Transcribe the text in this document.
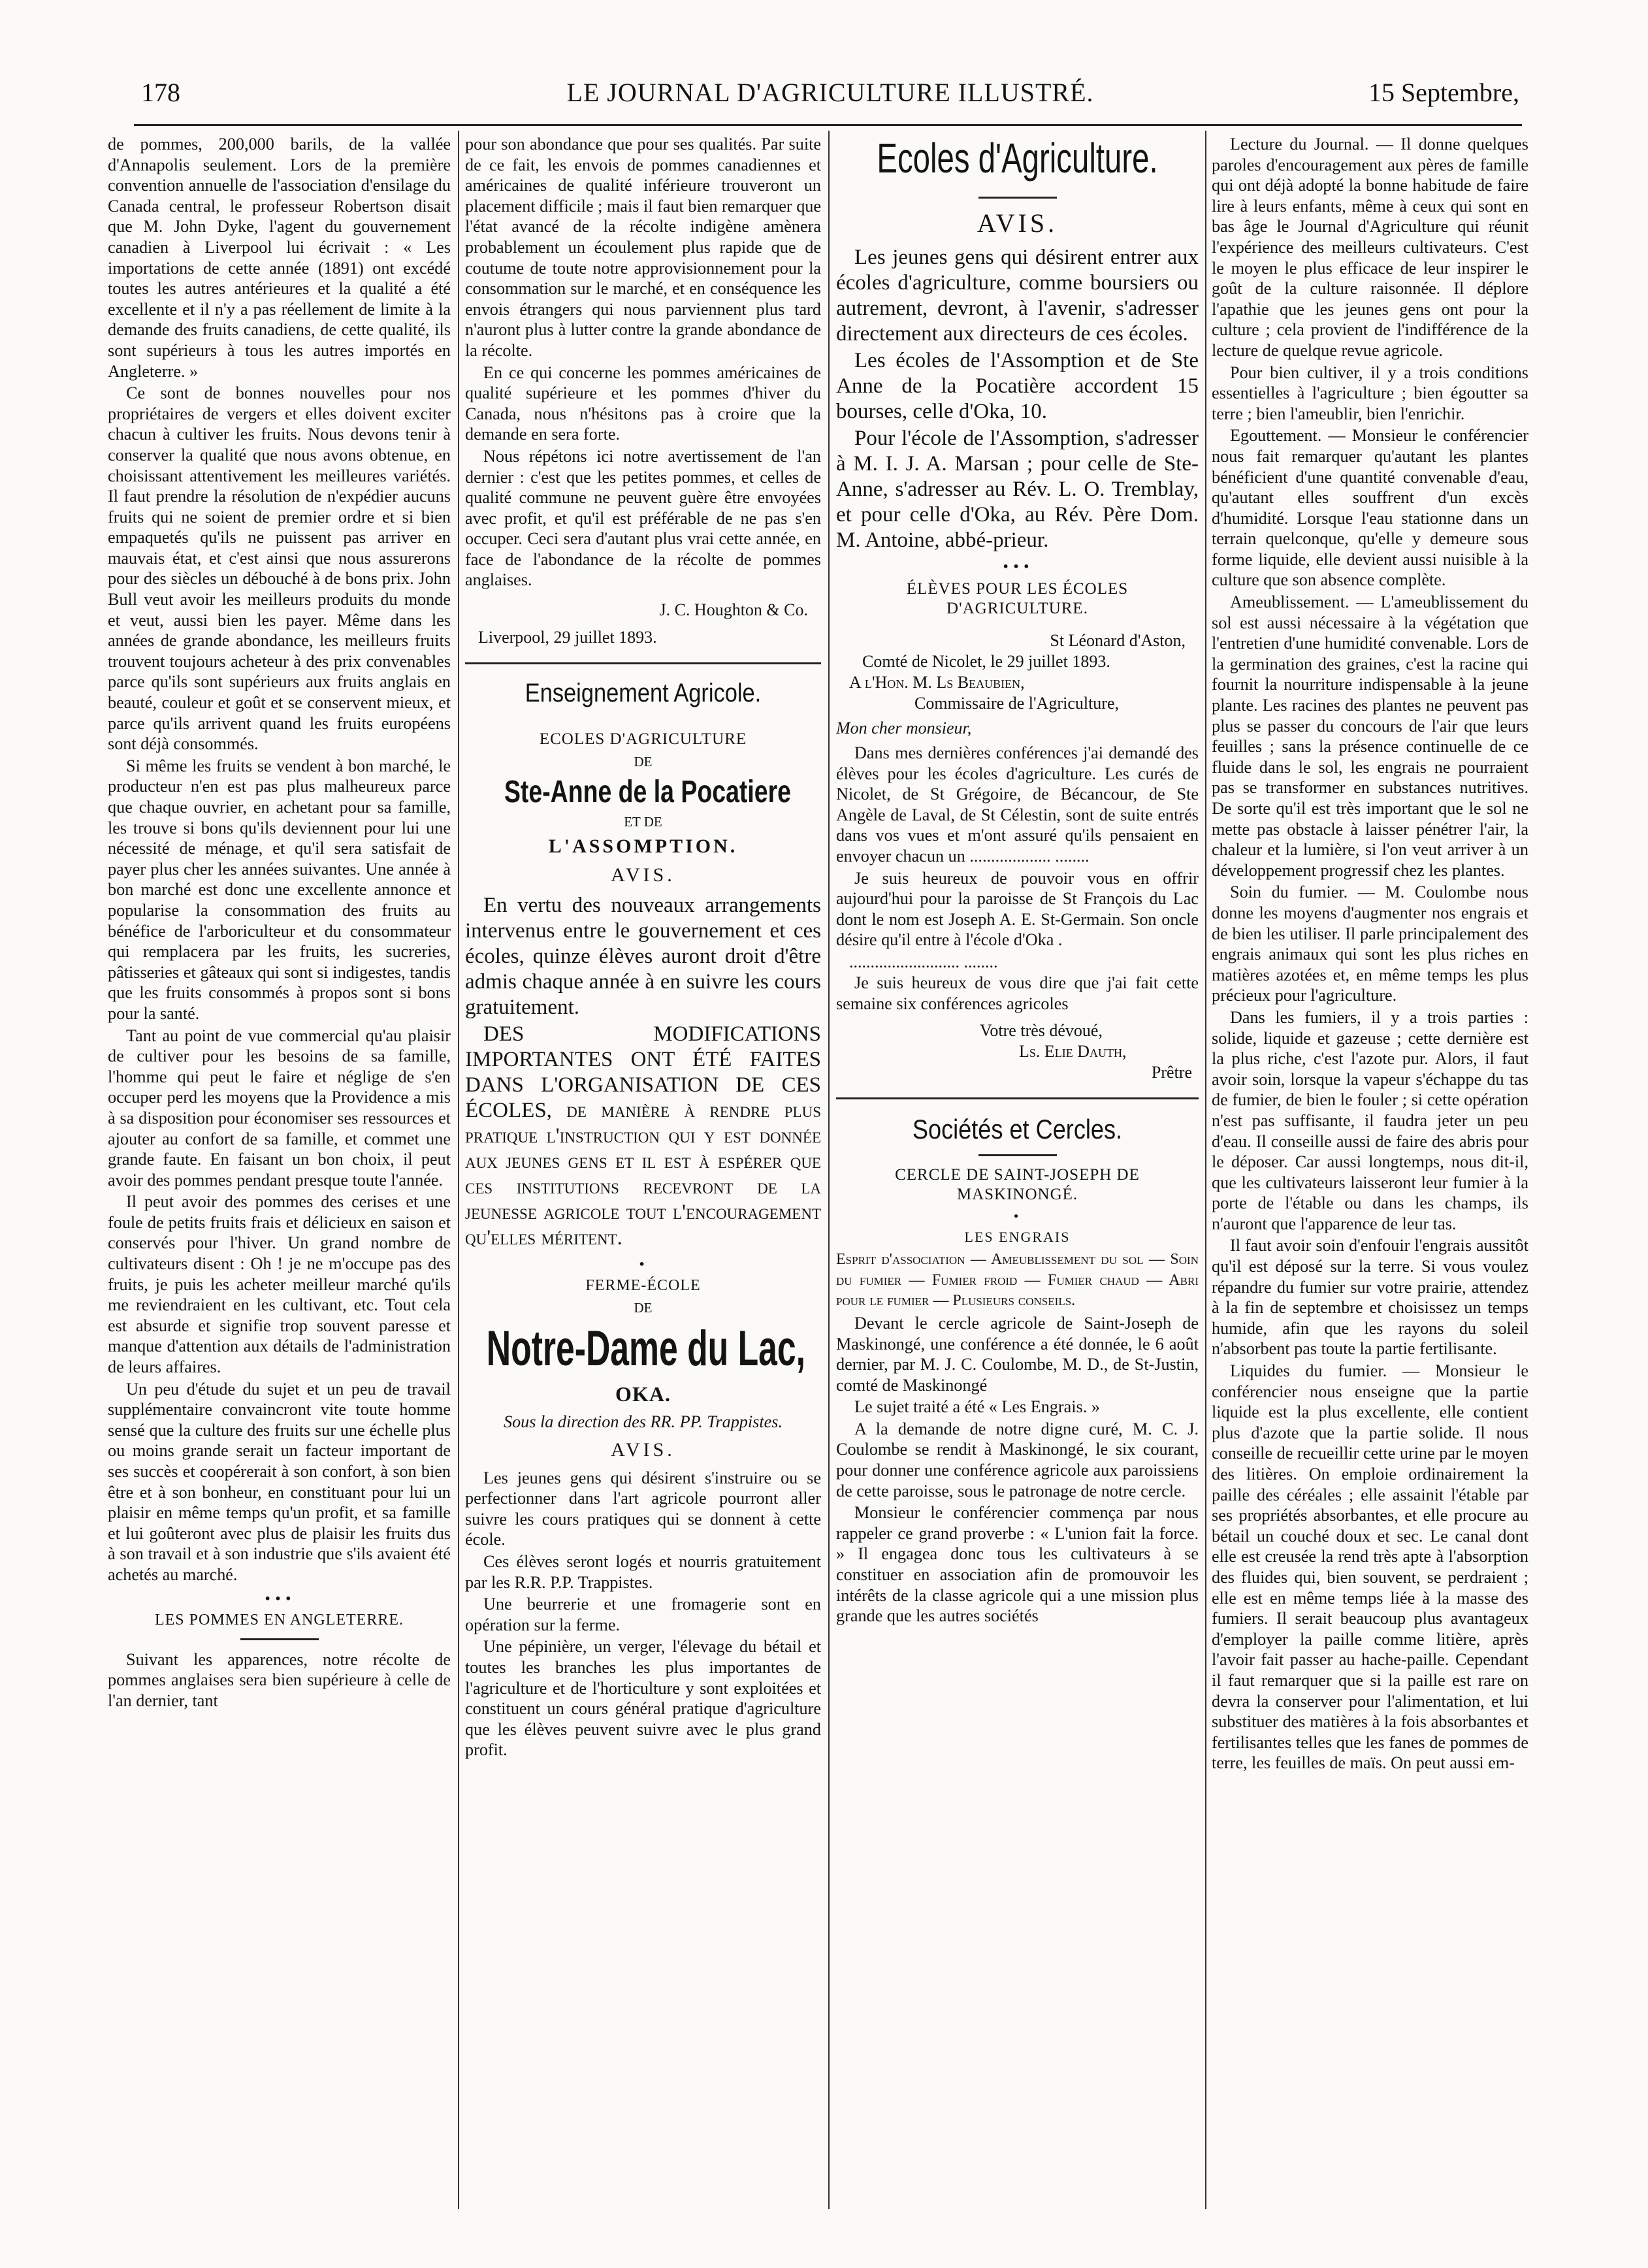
178	LE JOURNAL D'AGRICULTURE ILLUSTRÉ.	15 Septembre,

de pommes, 200,000 barils, de la vallée d'Annapolis seulement. Lors de la première convention annuelle de l'association d'ensilage du Canada central, le professeur Robertson disait que M. John Dyke, l'agent du gouvernement canadien à Liverpool lui écrivait : « Les importations de cette année (1891) ont excédé toutes les autres antérieures et la qualité a été excellente et il n'y a pas réellement de limite à la demande des fruits canadiens, de cette qualité, ils sont supérieurs à tous les autres importés en Angleterre. »

Ce sont de bonnes nouvelles pour nos propriétaires de vergers et elles doivent exciter chacun à cultiver les fruits. Nous devons tenir à conserver la qualité que nous avons obtenue, en choisissant attentivement les meilleures variétés. Il faut prendre la résolution de n'expédier aucuns fruits qui ne soient de premier ordre et si bien empaquetés qu'ils ne puissent pas arriver en mauvais état, et c'est ainsi que nous assurerons pour des siècles un débouché à de bons prix. John Bull veut avoir les meilleurs produits du monde et veut, aussi bien les payer. Même dans les années de grande abondance, les meilleurs fruits trouvent toujours acheteur à des prix convenables parce qu'ils sont supérieurs aux fruits anglais en beauté, couleur et goût et se conservent mieux, et parce qu'ils arrivent quand les fruits européens sont déjà consommés.

Si même les fruits se vendent à bon marché, le producteur n'en est pas plus malheureux parce que chaque ouvrier, en achetant pour sa famille, les trouve si bons qu'ils deviennent pour lui une nécessité de ménage, et qu'il sera satisfait de payer plus cher les années suivantes. Une année à bon marché est donc une excellente annonce et popularise la consommation des fruits au bénéfice de l'arboriculteur et du consommateur qui remplacera par les fruits, les sucreries, pâtisseries et gâteaux qui sont si indigestes, tandis que les fruits consommés à propos sont si bons pour la santé.

Tant au point de vue commercial qu'au plaisir de cultiver pour les besoins de sa famille, l'homme qui peut le faire et néglige de s'en occuper perd les moyens que la Providence a mis à sa disposition pour économiser ses ressources et ajouter au confort de sa famille, et commet une grande faute. En faisant un bon choix, il peut avoir des pommes pendant presque toute l'année.

Il peut avoir des pommes des cerises et une foule de petits fruits frais et délicieux en saison et conservés pour l'hiver. Un grand nombre de cultivateurs disent : Oh ! je ne m'occupe pas des fruits, je puis les acheter meilleur marché qu'ils me reviendraient en les cultivant, etc. Tout cela est absurde et signifie trop souvent paresse et manque d'attention aux détails de l'administration de leurs affaires.

Un peu d'étude du sujet et un peu de travail supplémentaire convaincront vite toute homme sensé que la culture des fruits sur une échelle plus ou moins grande serait un facteur important de ses succès et coopérerait à son confort, à son bien être et à son bonheur, en constituant pour lui un plaisir en même temps qu'un profit, et sa famille et lui goûteront avec plus de plaisir les fruits dus à son travail et à son industrie que s'ils avaient été achetés au marché.

•••
LES POMMES EN ANGLETERRE.

Suivant les apparences, notre récolte de pommes anglaises sera bien supérieure à celle de l'an dernier, tant

pour son abondance que pour ses qualités. Par suite de ce fait, les envois de pommes canadiennes et américaines de qualité inférieure trouveront un placement difficile ; mais il faut bien remarquer que l'état avancé de la récolte indigène amènera probablement un écoulement plus rapide que de coutume de toute notre approvisionnement pour la consommation sur le marché, et en conséquence les envois étrangers qui nous parviennent plus tard n'auront plus à lutter contre la grande abondance de la récolte.

En ce qui concerne les pommes américaines de qualité supérieure et les pommes d'hiver du Canada, nous n'hésitons pas à croire que la demande en sera forte.

Nous répétons ici notre avertissement de l'an dernier : c'est que les petites pommes, et celles de qualité commune ne peuvent guère être envoyées avec profit, et qu'il est préférable de ne pas s'en occuper. Ceci sera d'autant plus vrai cette année, en face de l'abondance de la récolte de pommes anglaises.

J. C. Houghton & Co.
Liverpool, 29 juillet 1893.
Enseignement Agricole.
ECOLES D'AGRICULTURE
DE
Ste-Anne de la Pocatiere
ET DE
L'ASSOMPTION.
AVIS.

En vertu des nouveaux arrangements intervenus entre le gouvernement et ces écoles, quinze élèves auront droit d'être admis chaque année à en suivre les cours gratuitement.

DES MODIFICATIONS IMPORTANTES ONT ÉTÉ FAITES DANS L'ORGANISATION DE CES ÉCOLES, de manière à rendre plus pratique l'instruction qui y est donnée aux jeunes gens et il est à espérer que ces institutions recevront de la jeunesse agricole tout l'encouragement qu'elles méritent.

•
FERME-ÉCOLE
DE
Notre-Dame du Lac,
OKA.

Sous la direction des RR. PP. Trappistes.

AVIS.

Les jeunes gens qui désirent s'instruire ou se perfectionner dans l'art agricole pourront aller suivre les cours pratiques qui se donnent à cette école.

Ces élèves seront logés et nourris gratuitement par les R.R. P.P. Trappistes.

Une beurrerie et une fromagerie sont en opération sur la ferme.

Une pépinière, un verger, l'élevage du bétail et toutes les branches les plus importantes de l'agriculture et de l'horticulture y sont exploitées et constituent un cours général pratique d'agriculture que les élèves peuvent suivre avec le plus grand profit.

Ecoles d'Agriculture.
AVIS.

Les jeunes gens qui désirent entrer aux écoles d'agriculture, comme boursiers ou autrement, devront, à l'avenir, s'adresser directement aux directeurs de ces écoles.

Les écoles de l'Assomption et de Ste Anne de la Pocatière accordent 15 bourses, celle d'Oka, 10.

Pour l'école de l'Assomption, s'adresser à M. I. J. A. Marsan ; pour celle de Ste-Anne, s'adresser au Rév. L. O. Tremblay, et pour celle d'Oka, au Rév. Père Dom. M. Antoine, abbé-prieur.

•••
ÉLÈVES POUR LES ÉCOLES D'AGRICULTURE.
St Léonard d'Aston,
Comté de Nicolet, le 29 juillet 1893.
A l'Hon. M. Ls Beaubien,
Commissaire de l'Agriculture,
Mon cher monsieur,

Dans mes dernières conférences j'ai demandé des élèves pour les écoles d'agriculture. Les curés de Nicolet, de St Grégoire, de Bécancour, de Ste Angèle de Laval, de St Célestin, sont de suite entrés dans vos vues et m'ont assuré qu'ils pensaient en envoyer chacun un ................... ........

Je suis heureux de pouvoir vous en offrir aujourd'hui pour la paroisse de St François du Lac dont le nom est Joseph A. E. St-Germain. Son oncle désire qu'il entre à l'école d'Oka .

.......................... ........

Je suis heureux de vous dire que j'ai fait cette semaine six conférences agricoles

Votre très dévoué,
Ls. Elie Dauth,
Prêtre
Sociétés et Cercles.
CERCLE DE SAINT-JOSEPH DE MASKINONGÉ.
•
LES ENGRAIS

Esprit d'association — Ameublissement du sol — Soin du fumier — Fumier froid — Fumier chaud — Abri pour le fumier — Plusieurs conseils.

Devant le cercle agricole de Saint-Joseph de Maskinongé, une conférence a été donnée, le 6 août dernier, par M. J. C. Coulombe, M. D., de St-Justin, comté de Maskinongé

Le sujet traité a été « Les Engrais. »

A la demande de notre digne curé, M. C. J. Coulombe se rendit à Maskinongé, le six courant, pour donner une conférence agricole aux paroissiens de cette paroisse, sous le patronage de notre cercle.

Monsieur le conférencier commença par nous rappeler ce grand proverbe : « L'union fait la force. » Il engagea donc tous les cultivateurs à se constituer en association afin de promouvoir les intérêts de la classe agricole qui a une mission plus grande que les autres sociétés

Lecture du Journal. — Il donne quelques paroles d'encouragement aux pères de famille qui ont déjà adopté la bonne habitude de faire lire à leurs enfants, même à ceux qui sont en bas âge le Journal d'Agriculture qui réunit l'expérience des meilleurs cultivateurs. C'est le moyen le plus efficace de leur inspirer le goût de la culture raisonnée. Il déplore l'apathie que les jeunes gens ont pour la culture ; cela provient de l'indifférence de la lecture de quelque revue agricole.

Pour bien cultiver, il y a trois conditions essentielles à l'agriculture ; bien égoutter sa terre ; bien l'ameublir, bien l'enrichir.

Egouttement. — Monsieur le conférencier nous fait remarquer qu'autant les plantes bénéficient d'une quantité convenable d'eau, qu'autant elles souffrent d'un excès d'humidité. Lorsque l'eau stationne dans un terrain quelconque, qu'elle y demeure sous forme liquide, elle devient aussi nuisible à la culture que son absence complète.

Ameublissement. — L'ameublissement du sol est aussi nécessaire à la végétation que l'entretien d'une humidité convenable. Lors de la germination des graines, c'est la racine qui fournit la nourriture indispensable à la jeune plante. Les racines des plantes ne peuvent pas plus se passer du concours de l'air que leurs feuilles ; sans la présence continuelle de ce fluide dans le sol, les engrais ne pourraient pas se transformer en substances nutritives. De sorte qu'il est très important que le sol ne mette pas obstacle à laisser pénétrer l'air, la chaleur et la lumière, si l'on veut arriver à un développement progressif chez les plantes.

Soin du fumier. — M. Coulombe nous donne les moyens d'augmenter nos engrais et de bien les utiliser. Il parle principalement des engrais animaux qui sont les plus riches en matières azotées et, en même temps les plus précieux pour l'agriculture.

Dans les fumiers, il y a trois parties : solide, liquide et gazeuse ; cette dernière est la plus riche, c'est l'azote pur. Alors, il faut avoir soin, lorsque la vapeur s'échappe du tas de fumier, de bien le fouler ; si cette opération n'est pas suffisante, il faudra jeter un peu d'eau. Il conseille aussi de faire des abris pour le déposer. Car aussi longtemps, nous dit-il, que les cultivateurs laisseront leur fumier à la porte de l'étable ou dans les champs, ils n'auront que l'apparence de leur tas.

Il faut avoir soin d'enfouir l'engrais aussitôt qu'il est déposé sur la terre. Si vous voulez répandre du fumier sur votre prairie, attendez à la fin de septembre et choisissez un temps humide, afin que les rayons du soleil n'absorbent pas toute la partie fertilisante.

Liquides du fumier. — Monsieur le conférencier nous enseigne que la partie liquide est la plus excellente, elle contient plus d'azote que la partie solide. Il nous conseille de recueillir cette urine par le moyen des litières. On emploie ordinairement la paille des céréales ; elle assainit l'étable par ses propriétés absorbantes, et elle procure au bétail un couché doux et sec. Le canal dont elle est creusée la rend très apte à l'absorption des fluides qui, bien souvent, se perdraient ; elle est en même temps liée à la masse des fumiers. Il serait beaucoup plus avantageux d'employer la paille comme litière, après l'avoir fait passer au hache-paille. Cependant il faut remarquer que si la paille est rare on devra la conserver pour l'alimentation, et lui substituer des matières à la fois absorbantes et fertilisantes telles que les fanes de pommes de terre, les feuilles de maïs. On peut aussi em-
